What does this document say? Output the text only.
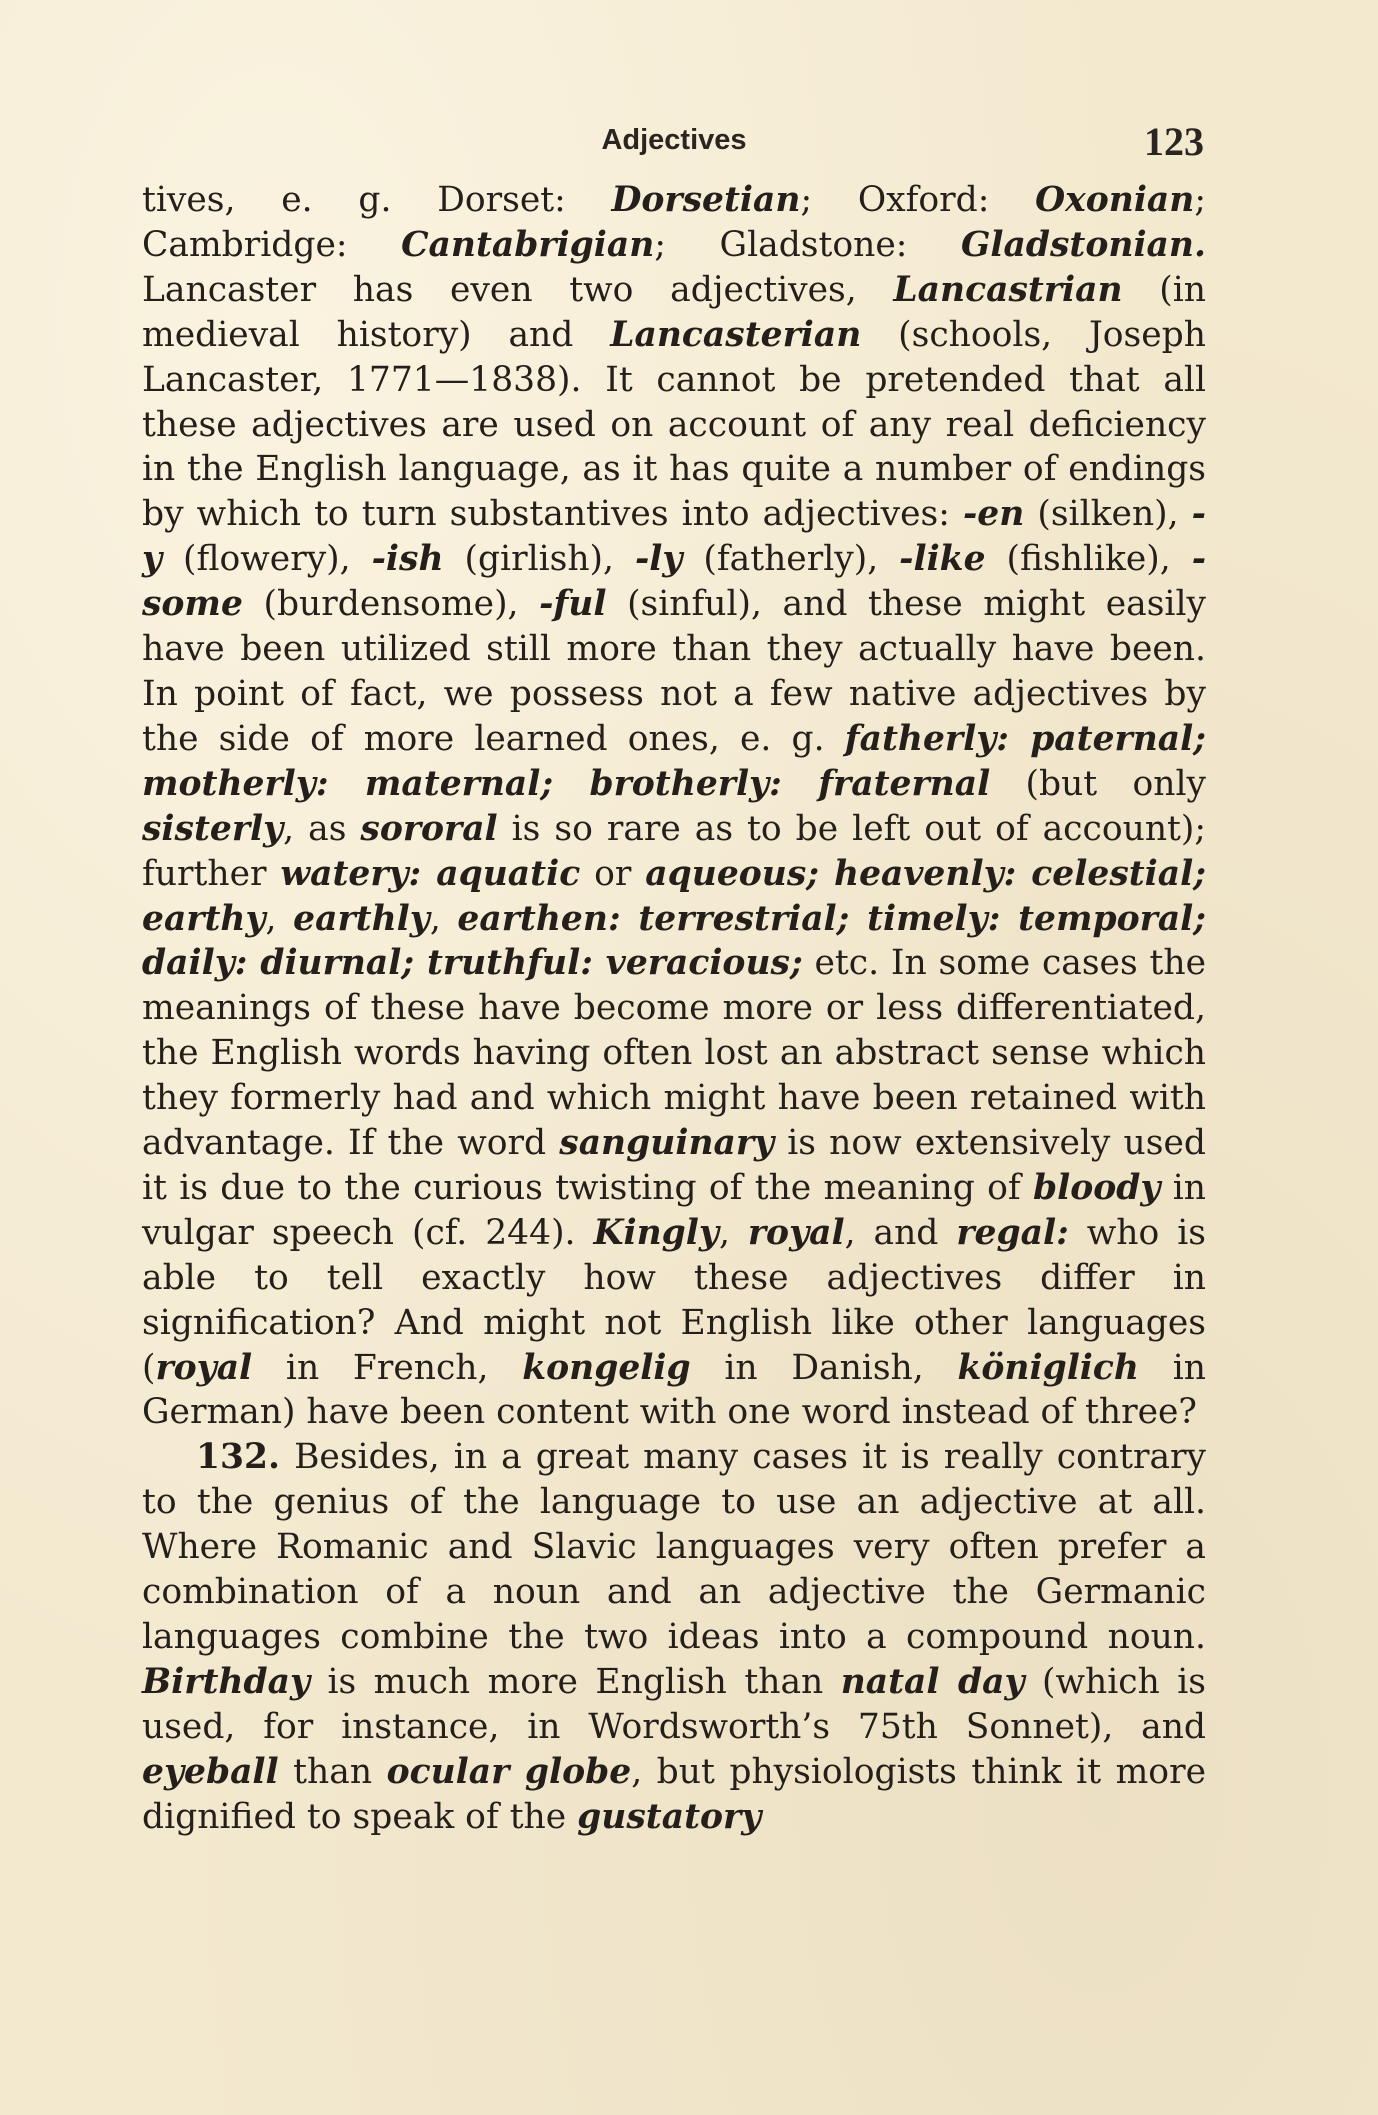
Adjectives	123

tives, e. g. Dorset: Dorsetian; Oxford: Oxonian; Cambridge: Cantabrigian; Gladstone: Gladstonian. Lancaster has even two adjectives, Lancastrian (in medieval history) and Lancasterian (schools, Joseph Lancaster, 1771—1838). It cannot be pretended that all these adjectives are used on account of any real deficiency in the English language, as it has quite a number of endings by which to turn substantives into adjectives: -en (silken), -y (flowery), -ish (girlish), -ly (fatherly), -like (fishlike), -some (burdensome), -ful (sinful), and these might easily have been utilized still more than they actually have been. In point of fact, we possess not a few native adjectives by the side of more learned ones, e. g. fatherly: paternal; motherly: maternal; brotherly: fraternal (but only sisterly, as sororal is so rare as to be left out of account); further watery: aquatic or aqueous; heavenly: celestial; earthy, earthly, earthen: terrestrial; timely: temporal; daily: diurnal; truthful: veracious; etc. In some cases the meanings of these have become more or less differentiated, the English words having often lost an abstract sense which they formerly had and which might have been retained with advantage. If the word sanguinary is now extensively used it is due to the curious twisting of the meaning of bloody in vulgar speech (cf. 244). Kingly, royal, and regal: who is able to tell exactly how these adjectives differ in signification? And might not English like other languages (royal in French, kongelig in Danish, königlich in German) have been content with one word instead of three?

132. Besides, in a great many cases it is really contrary to the genius of the language to use an adjective at all. Where Romanic and Slavic languages very often prefer a combination of a noun and an adjective the Germanic languages combine the two ideas into a compound noun. Birthday is much more English than natal day (which is used, for instance, in Wordsworth’s 75th Sonnet), and eyeball than ocular globe, but physiologists think it more dignified to speak of the gustatory
